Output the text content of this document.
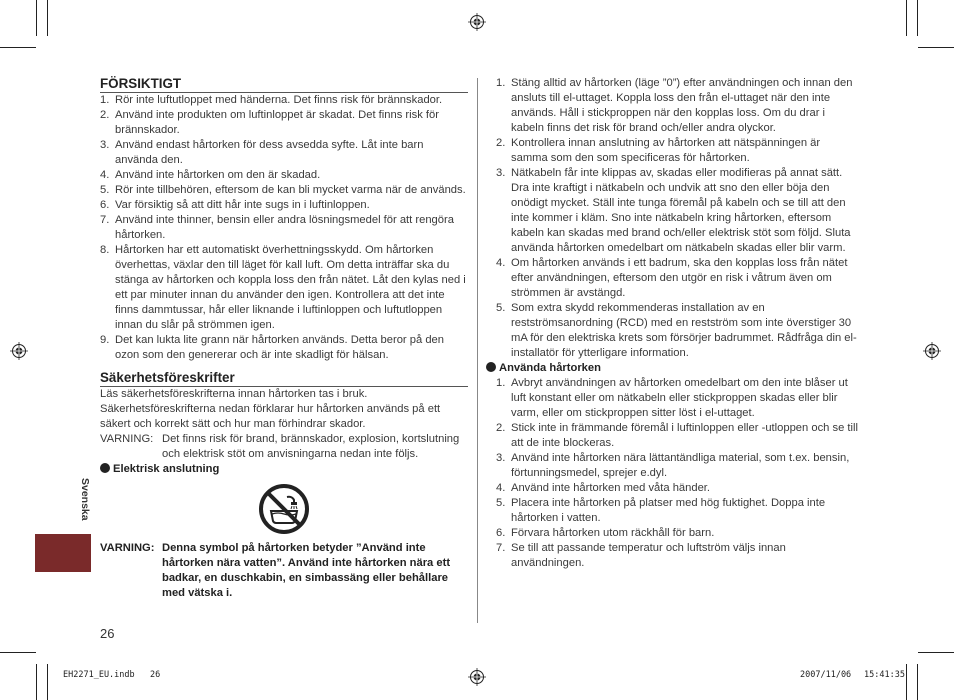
Svenska
FÖRSIKTIGT
1. Rör inte luftutloppet med händerna. Det finns risk för brännskador.
2. Använd inte produkten om luftinloppet är skadat. Det finns risk för brännskador.
3. Använd endast hårtorken för dess avsedda syfte. Låt inte barn använda den.
4. Använd inte hårtorken om den är skadad.
5. Rör inte tillbehören, eftersom de kan bli mycket varma när de används.
6. Var försiktig så att ditt hår inte sugs in i luftinloppen.
7. Använd inte thinner, bensin eller andra lösningsmedel för att rengöra hårtorken.
8. Hårtorken har ett automatiskt överhettningsskydd. Om hårtorken överhettas, växlar den till läget för kall luft. Om detta inträffar ska du stänga av hårtorken och koppla loss den från nätet. Låt den kylas ned i ett par minuter innan du använder den igen. Kontrollera att det inte finns dammtussar, hår eller liknande i luftinloppen och luftutloppen innan du slår på strömmen igen.
9. Det kan lukta lite grann när hårtorken används. Detta beror på den ozon som den genererar och är inte skadligt för hälsan.
Säkerhetsföreskrifter

Läs säkerhetsföreskrifterna innan hårtorken tas i bruk.

Säkerhetsföreskrifterna nedan förklarar hur hårtorken används på ett säkert och korrekt sätt och hur man förhindrar skador.

VARNING: Det finns risk för brand, brännskador, explosion, kortslutning och elektrisk stöt om anvisningarna nedan inte följs.
Elektrisk anslutning
VARNING: Denna symbol på hårtorken betyder ”Använd inte hårtorken nära vatten”. Använd inte hårtorken nära ett badkar, en duschkabin, en simbassäng eller behållare med vätska i.
26
1. Stäng alltid av hårtorken (läge ”0”) efter användningen och innan den ansluts till el-uttaget. Koppla loss den från el-uttaget när den inte används. Håll i stickproppen när den kopplas loss. Om du drar i kabeln finns det risk för brand och/eller andra olyckor.
2. Kontrollera innan anslutning av hårtorken att nätspänningen är samma som den som specificeras för hårtorken.
3. Nätkabeln får inte klippas av, skadas eller modifieras på annat sätt. Dra inte kraftigt i nätkabeln och undvik att sno den eller böja den onödigt mycket. Ställ inte tunga föremål på kabeln och se till att den inte kommer i kläm. Sno inte nätkabeln kring hårtorken, eftersom kabeln kan skadas med brand och/eller elektrisk stöt som följd. Sluta använda hårtorken omedelbart om nätkabeln skadas eller blir varm.
4. Om hårtorken används i ett badrum, ska den kopplas loss från nätet efter användningen, eftersom den utgör en risk i våtrum även om strömmen är avstängd.
5. Som extra skydd rekommenderas installation av en restströmsanordning (RCD) med en restström som inte överstiger 30 mA för den elektriska krets som försörjer badrummet. Rådfråga din el-installatör för ytterligare information.
Använda hårtorken
1. Avbryt användningen av hårtorken omedelbart om den inte blåser ut luft konstant eller om nätkabeln eller stickproppen skadas eller blir varm, eller om stickproppen sitter löst i el-uttaget.
2. Stick inte in främmande föremål i luftinloppen eller -utloppen och se till att de inte blockeras.
3. Använd inte hårtorken nära lättantändliga material, som t.ex. bensin, förtunningsmedel, sprejer e.dyl.
4. Använd inte hårtorken med våta händer.
5. Placera inte hårtorken på platser med hög fuktighet. Doppa inte hårtorken i vatten.
6. Förvara hårtorken utom räckhåll för barn.
7. Se till att passande temperatur och luftström väljs innan användningen.
EH2271_EU.indb 26	2007/11/06 15:41:35
